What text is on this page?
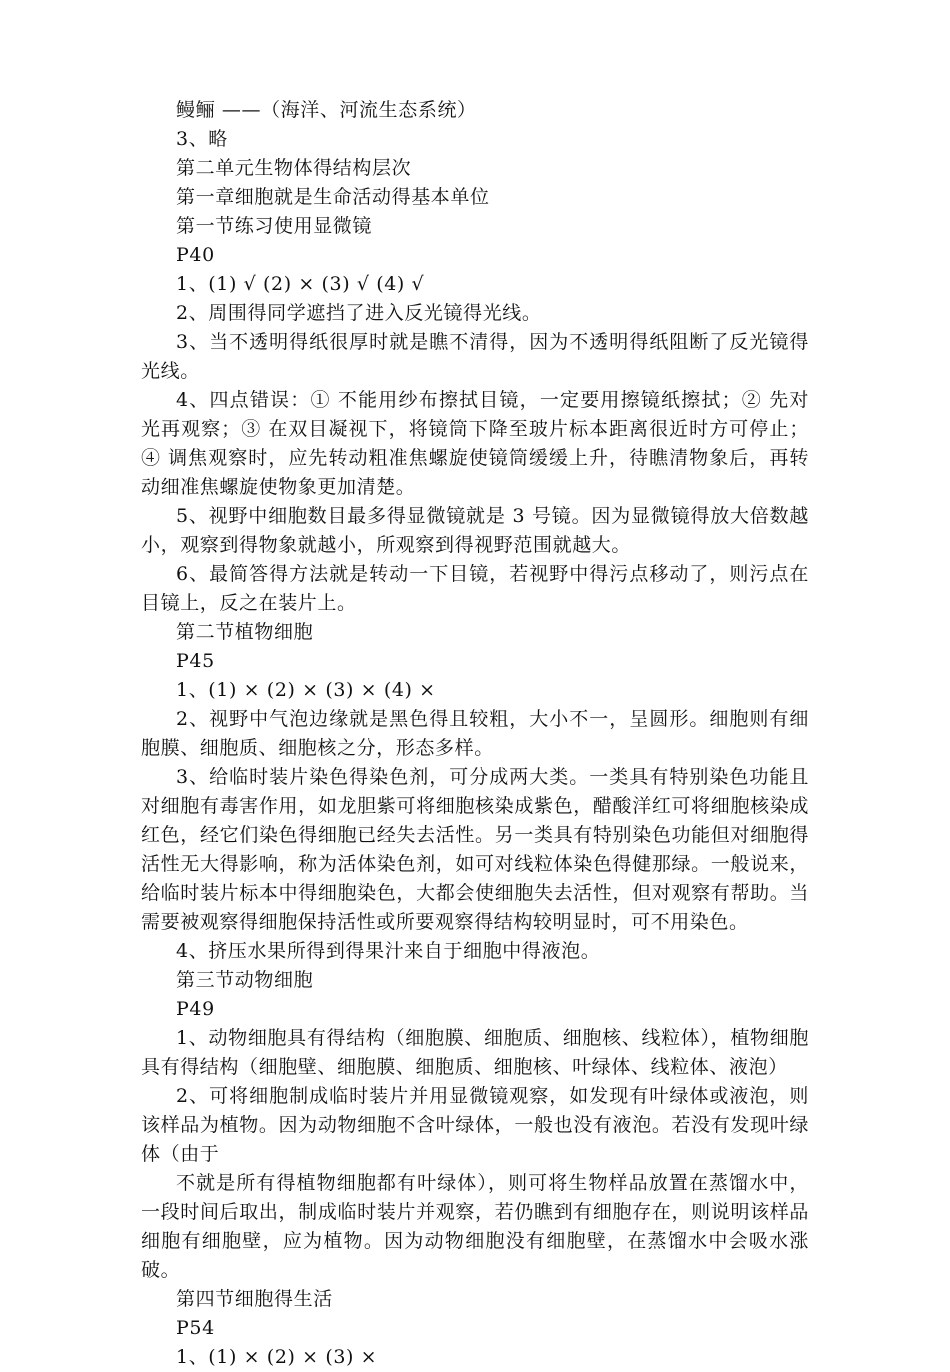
鳗鲡 ——（海洋、河流生态系统）

3、略

第二单元生物体得结构层次

第一章细胞就是生命活动得基本单位

第一节练习使用显微镜

P40

1、(1) √ (2) × (3) √ (4) √

2、周围得同学遮挡了进入反光镜得光线。

3、当不透明得纸很厚时就是瞧不清得，因为不透明得纸阻断了反光镜得光线。

4、四点错误：① 不能用纱布擦拭目镜，一定要用擦镜纸擦拭；② 先对光再观察；③ 在双目凝视下，将镜筒下降至玻片标本距离很近时方可停止；④ 调焦观察时，应先转动粗准焦螺旋使镜筒缓缓上升，待瞧清物象后，再转动细准焦螺旋使物象更加清楚。

5、视野中细胞数目最多得显微镜就是 3 号镜。因为显微镜得放大倍数越小，观察到得物象就越小，所观察到得视野范围就越大。

6、最简答得方法就是转动一下目镜，若视野中得污点移动了，则污点在目镜上，反之在装片上。

第二节植物细胞

P45

1、(1) × (2) × (3) × (4) ×

2、视野中气泡边缘就是黑色得且较粗，大小不一，呈圆形。细胞则有细胞膜、细胞质、细胞核之分，形态多样。

3、给临时装片染色得染色剂，可分成两大类。一类具有特别染色功能且对细胞有毒害作用，如龙胆紫可将细胞核染成紫色，醋酸洋红可将细胞核染成红色，经它们染色得细胞已经失去活性。另一类具有特别染色功能但对细胞得活性无大得影响，称为活体染色剂，如可对线粒体染色得健那绿。一般说来，给临时装片标本中得细胞染色，大都会使细胞失去活性，但对观察有帮助。当需要被观察得细胞保持活性或所要观察得结构较明显时，可不用染色。

4、挤压水果所得到得果汁来自于细胞中得液泡。

第三节动物细胞

P49

1、动物细胞具有得结构（细胞膜、细胞质、细胞核、线粒体），植物细胞具有得结构（细胞壁、细胞膜、细胞质、细胞核、叶绿体、线粒体、液泡）

2、可将细胞制成临时装片并用显微镜观察，如发现有叶绿体或液泡，则该样品为植物。因为动物细胞不含叶绿体，一般也没有液泡。若没有发现叶绿体（由于

不就是所有得植物细胞都有叶绿体），则可将生物样品放置在蒸馏水中，一段时间后取出，制成临时装片并观察，若仍瞧到有细胞存在，则说明该样品细胞有细胞壁，应为植物。因为动物细胞没有细胞壁，在蒸馏水中会吸水涨破。

第四节细胞得生活

P54

1、(1) × (2) × (3) ×
